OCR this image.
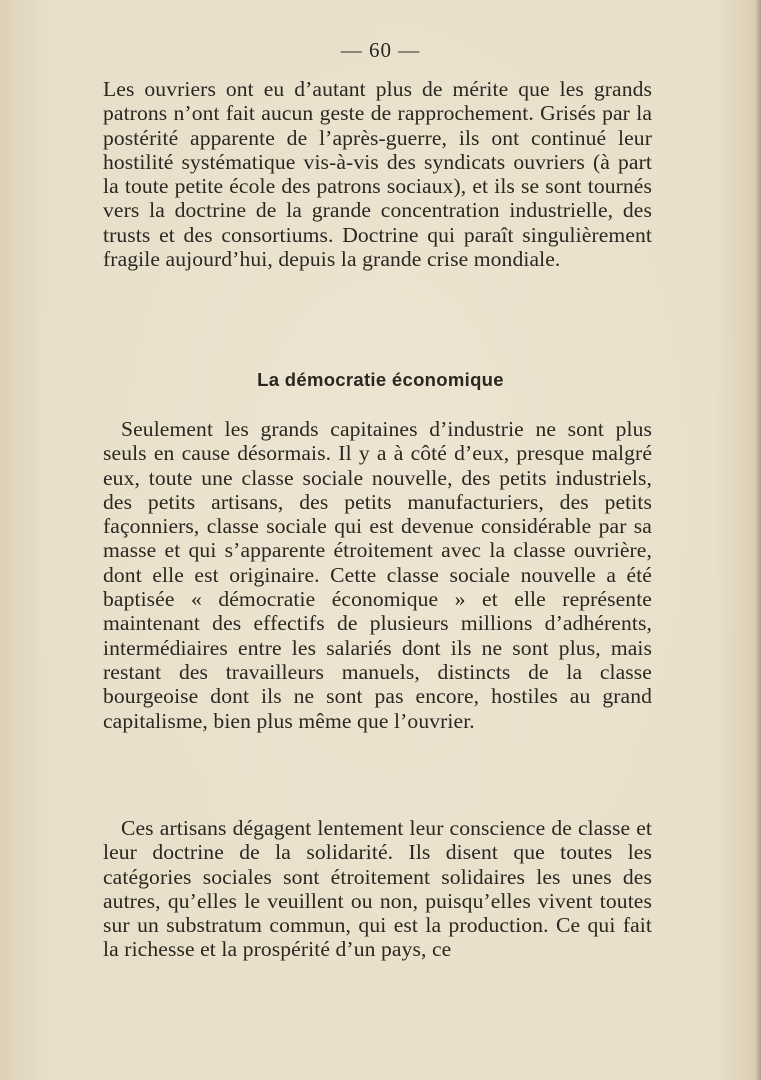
— 60 —

Les ouvriers ont eu d’autant plus de mérite que les grands patrons n’ont fait aucun geste de rapprochement. Grisés par la postérité apparente de l’après-guerre, ils ont continué leur hostilité systématique vis-à-vis des syndicats ouvriers (à part la toute petite école des patrons sociaux), et ils se sont tournés vers la doctrine de la grande concentration industrielle, des trusts et des consortiums. Doctrine qui paraît singulièrement fragile aujourd’hui, depuis la grande crise mondiale.

La démocratie économique

Seulement les grands capitaines d’industrie ne sont plus seuls en cause désormais. Il y a à côté d’eux, presque malgré eux, toute une classe sociale nouvelle, des petits industriels, des petits artisans, des petits manufacturiers, des petits façonniers, classe sociale qui est devenue considérable par sa masse et qui s’apparente étroitement avec la classe ouvrière, dont elle est originaire. Cette classe sociale nouvelle a été baptisée « démocratie économique » et elle représente maintenant des effectifs de plusieurs millions d’adhérents, intermédiaires entre les salariés dont ils ne sont plus, mais restant des travailleurs manuels, distincts de la classe bourgeoise dont ils ne sont pas encore, hostiles au grand capitalisme, bien plus même que l’ouvrier.

Ces artisans dégagent lentement leur conscience de classe et leur doctrine de la solidarité. Ils disent que toutes les catégories sociales sont étroitement solidaires les unes des autres, qu’elles le veuillent ou non, puisqu’elles vivent toutes sur un substratum commun, qui est la production. Ce qui fait la richesse et la prospérité d’un pays, ce
